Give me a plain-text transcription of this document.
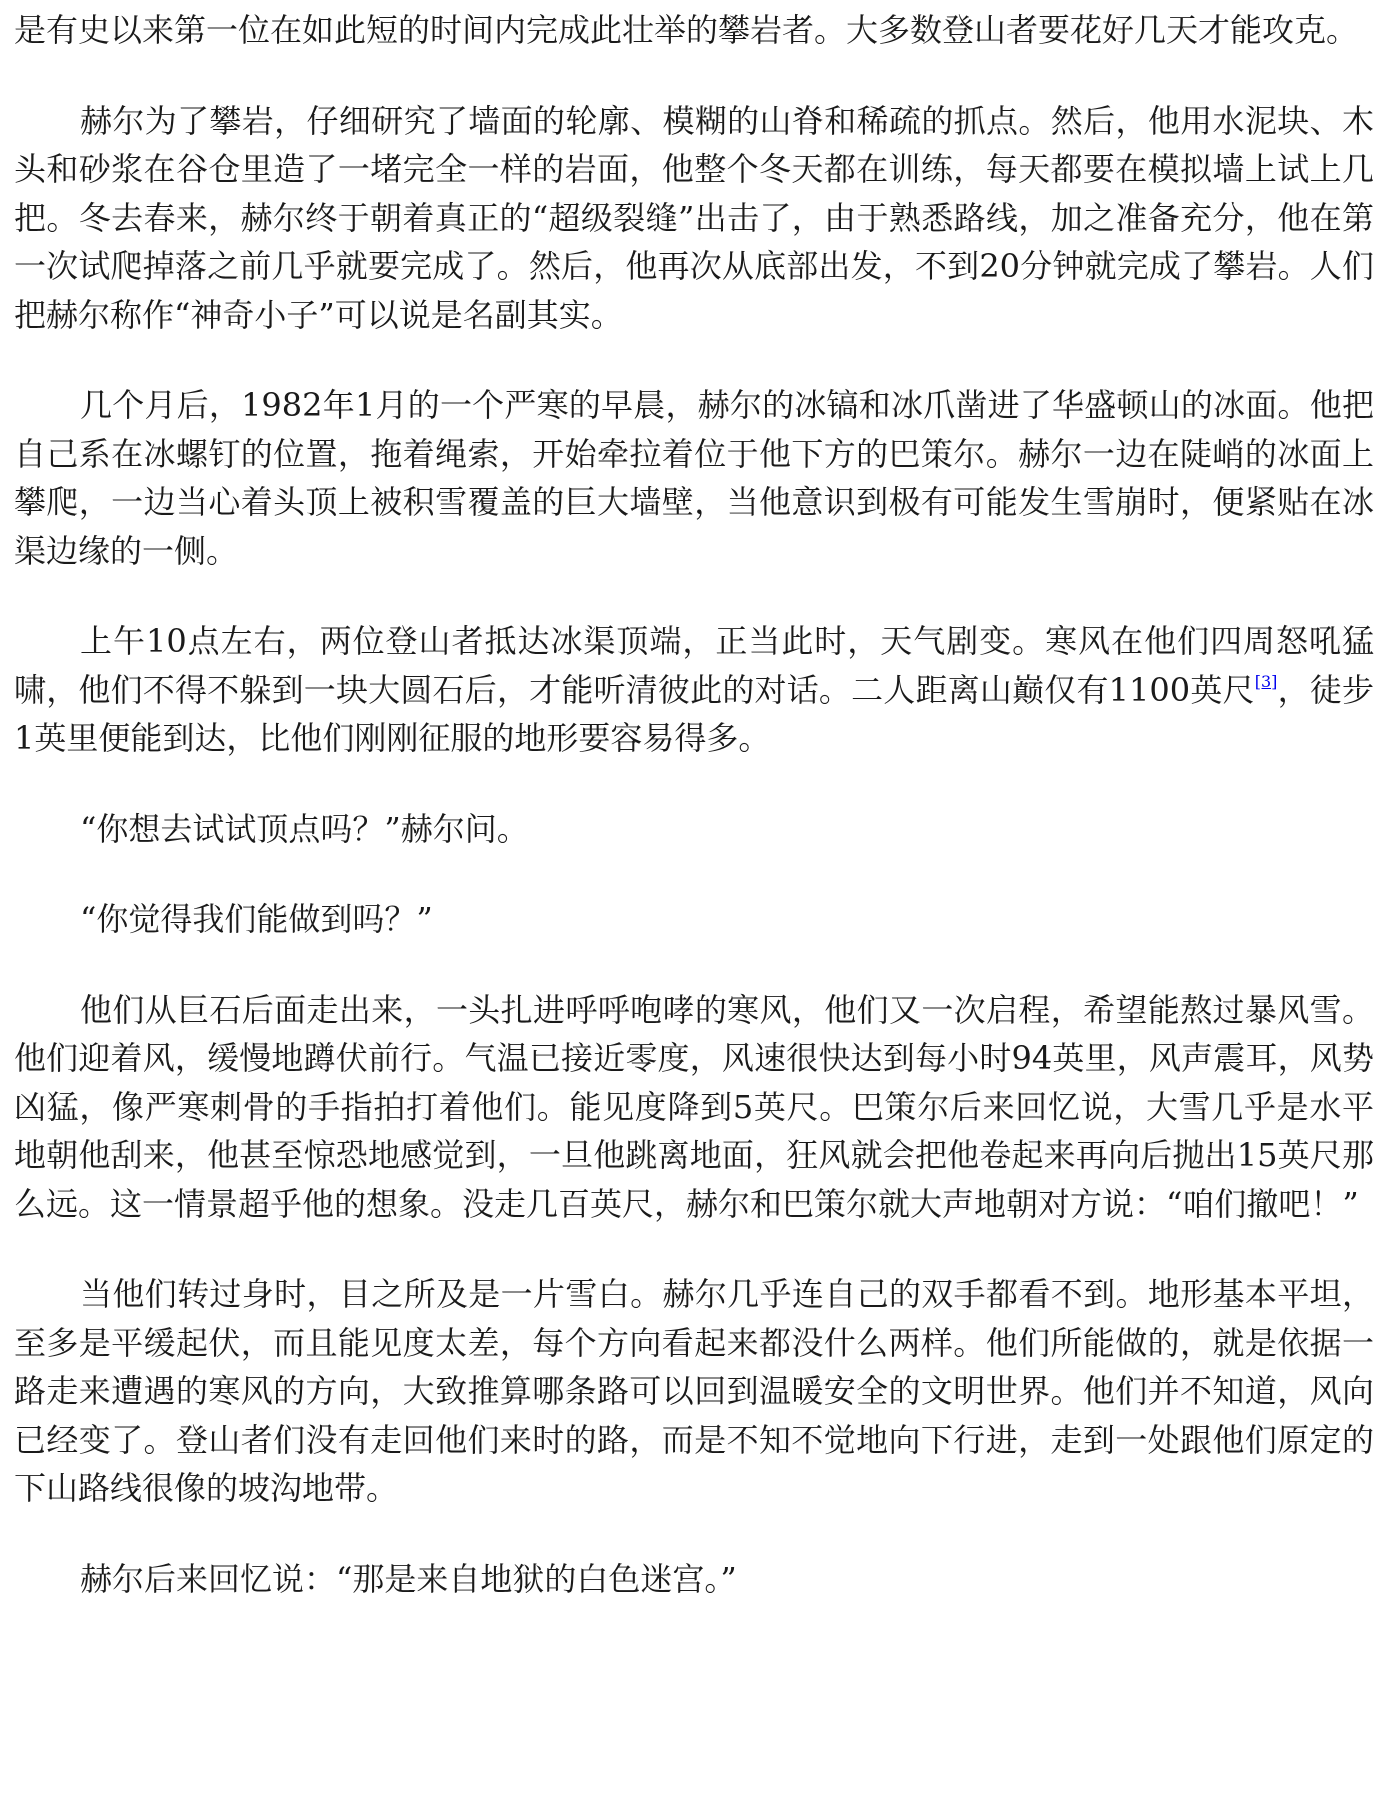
是有史以来第一位在如此短的时间内完成此壮举的攀岩者。大多数登山者要花好几天才能攻克。

赫尔为了攀岩，仔细研究了墙面的轮廓、模糊的山脊和稀疏的抓点。然后，他用水泥块、木头和砂浆在谷仓里造了一堵完全一样的岩面，他整个冬天都在训练，每天都要在模拟墙上试上几把。冬去春来，赫尔终于朝着真正的“超级裂缝”出击了，由于熟悉路线，加之准备充分，他在第一次试爬掉落之前几乎就要完成了。然后，他再次从底部出发，不到20分钟就完成了攀岩。人们把赫尔称作“神奇小子”可以说是名副其实。

几个月后，1982年1月的一个严寒的早晨，赫尔的冰镐和冰爪凿进了华盛顿山的冰面。他把自己系在冰螺钉的位置，拖着绳索，开始牵拉着位于他下方的巴策尔。赫尔一边在陡峭的冰面上攀爬，一边当心着头顶上被积雪覆盖的巨大墙壁，当他意识到极有可能发生雪崩时，便紧贴在冰渠边缘的一侧。

上午10点左右，两位登山者抵达冰渠顶端，正当此时，天气剧变。寒风在他们四周怒吼猛啸，他们不得不躲到一块大圆石后，才能听清彼此的对话。二人距离山巅仅有1100英尺[3]，徒步1英里便能到达，比他们刚刚征服的地形要容易得多。

“你想去试试顶点吗？”赫尔问。

“你觉得我们能做到吗？”

他们从巨石后面走出来，一头扎进呼呼咆哮的寒风，他们又一次启程，希望能熬过暴风雪。他们迎着风，缓慢地蹲伏前行。气温已接近零度，风速很快达到每小时94英里，风声震耳，风势凶猛，像严寒刺骨的手指拍打着他们。能见度降到5英尺。巴策尔后来回忆说，大雪几乎是水平地朝他刮来，他甚至惊恐地感觉到，一旦他跳离地面，狂风就会把他卷起来再向后抛出15英尺那么远。这一情景超乎他的想象。没走几百英尺，赫尔和巴策尔就大声地朝对方说：“咱们撤吧！”

当他们转过身时，目之所及是一片雪白。赫尔几乎连自己的双手都看不到。地形基本平坦，至多是平缓起伏，而且能见度太差，每个方向看起来都没什么两样。他们所能做的，就是依据一路走来遭遇的寒风的方向，大致推算哪条路可以回到温暖安全的文明世界。他们并不知道，风向已经变了。登山者们没有走回他们来时的路，而是不知不觉地向下行进，走到一处跟他们原定的下山路线很像的坡沟地带。

赫尔后来回忆说：“那是来自地狱的白色迷宫。”
